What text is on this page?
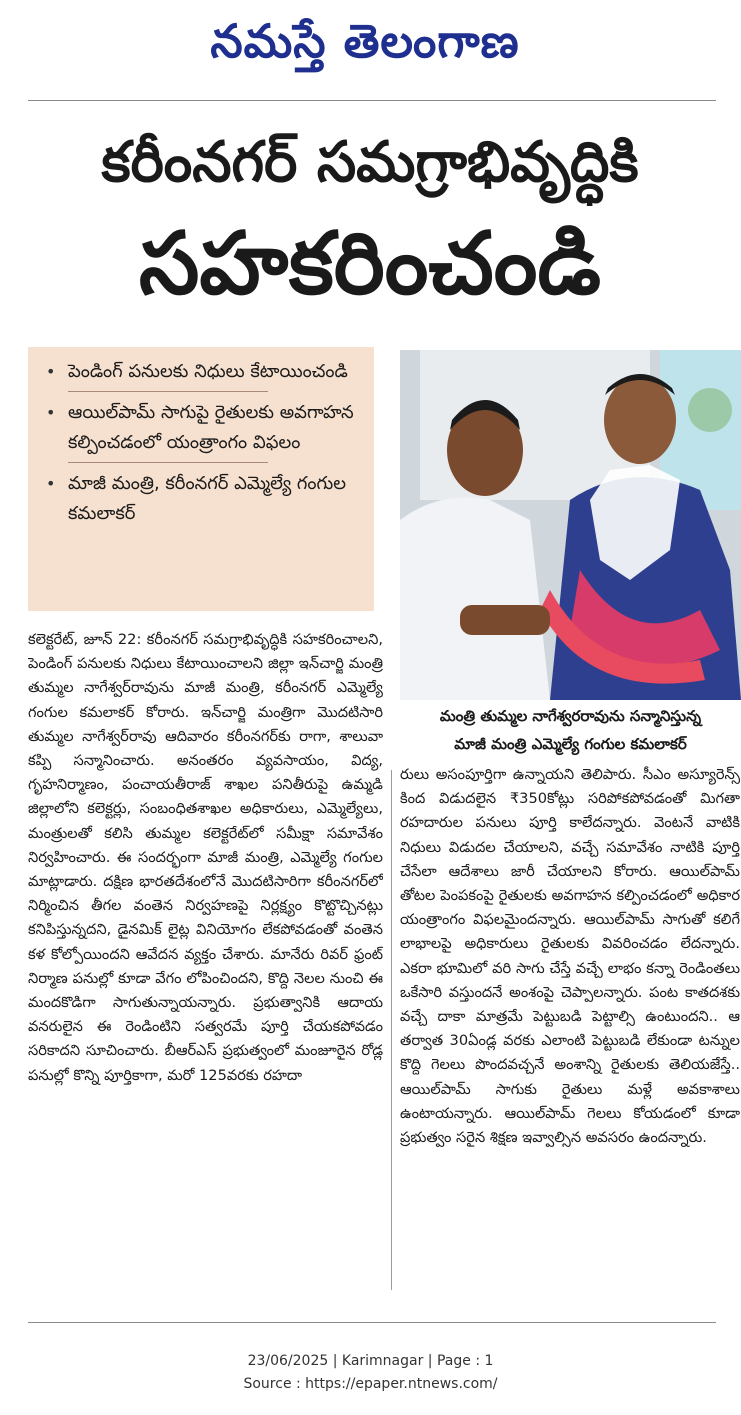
నమస్తే తెలంగాణ
కరీంనగర్ సమగ్రాభివృద్ధికి
సహకరించండి
• పెండింగ్ పనులకు నిధులు కేటాయించండి
• ఆయిల్‌పామ్ సాగుపై రైతులకు అవగాహన కల్పించడంలో యంత్రాంగం విఫలం
• మాజీ మంత్రి, కరీంనగర్ ఎమ్మెల్యే గంగుల కమలాకర్
మంత్రి తుమ్మల నాగేశ్వరరావును సన్మానిస్తున్న
మాజీ మంత్రి ఎమ్మెల్యే గంగుల కమలాకర్

కలెక్టరేట్, జూన్ 22: కరీంనగర్ సమగ్రాభివృద్ధికి సహకరించాలని, పెండింగ్ పనులకు నిధులు కేటాయించాలని జిల్లా ఇన్‌చార్జి మంత్రి తుమ్మల నాగేశ్వర్‌రావును మాజీ మంత్రి, కరీంనగర్ ఎమ్మెల్యే గంగుల కమలాకర్ కోరారు. ఇన్‌చార్జి మంత్రిగా మొదటిసారి తుమ్మల నాగేశ్వర్‌రావు ఆదివారం కరీంనగర్‌కు రాగా, శాలువా కప్పి సన్మానించారు. అనంతరం వ్యవసాయం, విద్య, గృహనిర్మాణం, పంచాయతీరాజ్ శాఖల పనితీరుపై ఉమ్మడి జిల్లాలోని కలెక్టర్లు, సంబంధితశాఖల అధికారులు, ఎమ్మెల్యేలు, మంత్రులతో కలిసి తుమ్మల కలెక్టరేట్‌లో సమీక్షా సమావేశం నిర్వహించారు. ఈ సందర్భంగా మాజీ మంత్రి, ఎమ్మెల్యే గంగుల మాట్లాడారు. దక్షిణ భారతదేశంలోనే మొదటిసారిగా కరీంనగర్‌లో నిర్మించిన తీగల వంతెన నిర్వహణపై నిర్లక్ష్యం కొట్టొచ్చినట్లు కనిపిస్తున్నదని, డైనమిక్ లైట్ల వినియోగం లేకపోవడంతో వంతెన కళ కోల్పోయిందని ఆవేదన వ్యక్తం చేశారు. మానేరు రివర్ ఫ్రంట్ నిర్మాణ పనుల్లో కూడా వేగం లోపించిందని, కొద్ది నెలల నుంచి ఈ మందకొడిగా సాగుతున్నాయన్నారు. ప్రభుత్వానికి ఆదాయ వనరులైన ఈ రెండింటిని సత్వరమే పూర్తి చేయకపోవడం సరికాదని సూచించారు. బీఆర్‌ఎస్ ప్రభుత్వంలో మంజూరైన రోడ్ల పనుల్లో కొన్ని పూర్తికాగా, మరో 125వరకు రహదా

రులు అసంపూర్తిగా ఉన్నాయని తెలిపారు. సీఎం అస్యూరెన్స్ కింద విడుదలైన ₹350కోట్లు సరిపోకపోవడంతో మిగతా రహదారుల పనులు పూర్తి కాలేదన్నారు. వెంటనే వాటికి నిధులు విడుదల చేయాలని, వచ్చే సమావేశం నాటికి పూర్తి చేసేలా ఆదేశాలు జారీ చేయాలని కోరారు. ఆయిల్‌పామ్ తోటల పెంపకంపై రైతులకు అవగాహన కల్పించడంలో అధికార యంత్రాంగం విఫలమైందన్నారు. ఆయిల్‌పామ్ సాగుతో కలిగే లాభాలపై అధికారులు రైతులకు వివరించడం లేదన్నారు. ఎకరా భూమిలో వరి సాగు చేస్తే వచ్చే లాభం కన్నా రెండింతలు ఒకేసారి వస్తుందనే అంశంపై చెప్పాలన్నారు. పంట కాతదశకు వచ్చే దాకా మాత్రమే పెట్టుబడి పెట్టాల్సి ఉంటుందని.. ఆ తర్వాత 30ఏండ్ల వరకు ఎలాంటి పెట్టుబడి లేకుండా టన్నుల కొద్ది గెలలు పొందవచ్చనే అంశాన్ని రైతులకు తెలియజేస్తే.. ఆయిల్‌పామ్ సాగుకు రైతులు మళ్లే అవకాశాలు ఉంటాయన్నారు. ఆయిల్‌పామ్ గెలలు కోయడంలో కూడా ప్రభుత్వం సరైన శిక్షణ ఇవ్వాల్సిన అవసరం ఉందన్నారు.

23/06/2025 | Karimnagar | Page : 1
Source : https://epaper.ntnews.com/
